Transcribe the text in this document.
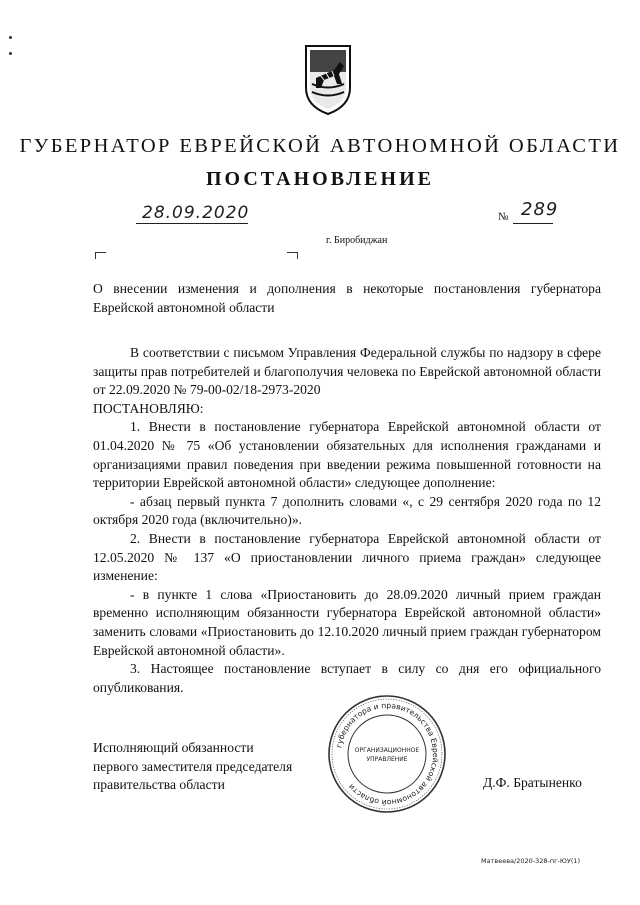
ГУБЕРНАТОР ЕВРЕЙСКОЙ АВТОНОМНОЙ ОБЛАСТИ
ПОСТАНОВЛЕНИЕ
28.09.2020	№ 289
г. Биробиджан
О внесении изменения и дополнения в некоторые постановления губернатора Еврейской автономной области

В соответствии с письмом Управления Федеральной службы по надзору в сфере защиты прав потребителей и благополучия человека по Еврейской автономной области от 22.09.2020 № 79-00-02/18-2973-2020

ПОСТАНОВЛЯЮ:

1. Внести в постановление губернатора Еврейской автономной области от 01.04.2020 № 75 «Об установлении обязательных для исполнения гражданами и организациями правил поведения при введении режима повышенной готовности на территории Еврейской автономной области» следующее дополнение:

- абзац первый пункта 7 дополнить словами «, с 29 сентября 2020 года по 12 октября 2020 года (включительно)».

2. Внести в постановление губернатора Еврейской автономной области от 12.05.2020 № 137 «О приостановлении личного приема граждан» следующее изменение:

- в пункте 1 слова «Приостановить до 28.09.2020 личный прием граждан временно исполняющим обязанности губернатора Еврейской автономной области» заменить словами «Приостановить до 12.10.2020 личный прием граждан губернатором Еврейской автономной области».

3. Настоящее постановление вступает в силу со дня его официального опубликования.

Исполняющий обязанности
первого заместителя председателя
правительства области	Д.Ф. Братыненко
губернатора и правительства Еврейской автономной области
ОРГАНИЗАЦИОННОЕ
УПРАВЛЕНИЕ
Матвеева/2020-328-пг-ЮУ(1)
